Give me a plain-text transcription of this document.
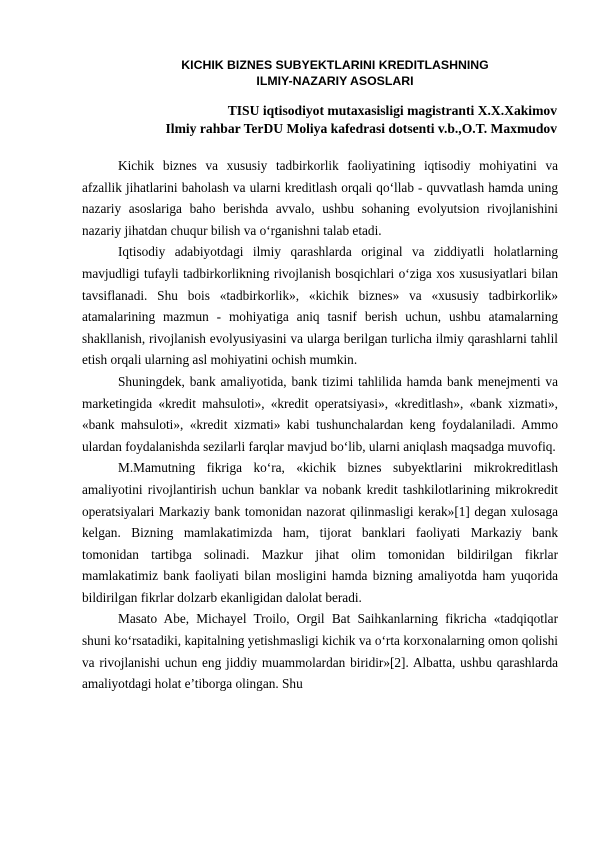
KICHIK BIZNES SUBYEKTLARINI KREDITLASHNING
ILMIY-NAZARIY ASOSLARI
TISU iqtisodiyot mutaxasisligi magistranti X.X.Xakimov
Ilmiy rahbar TerDU Moliya kafedrasi dotsenti v.b.,O.T. Maxmudov

Kichik biznes va xususiy tadbirkorlik faoliyatining iqtisodiy mohiyatini va afzallik jihatlarini baholash va ularni kreditlash orqali qo‘llab - quvvatlash hamda uning nazariy asoslariga baho berishda avvalo, ushbu sohaning evolyutsion rivojlanishini nazariy jihatdan chuqur bilish va o‘rganishni talab etadi.

Iqtisodiy adabiyotdagi ilmiy qarashlarda original va ziddiyatli holatlarning mavjudligi tufayli tadbirkorlikning rivojlanish bosqichlari o‘ziga xos xususiyatlari bilan tavsiflanadi. Shu bois «tadbirkorlik», «kichik biznes» va «xususiy tadbirkorlik» atamalarining mazmun - mohiyatiga aniq tasnif berish uchun, ushbu atamalarning shakllanish, rivojlanish evolyusiyasini va ularga berilgan turlicha ilmiy qarashlarni tahlil etish orqali ularning asl mohiyatini ochish mumkin.

Shuningdek, bank amaliyotida, bank tizimi tahlilida hamda bank menejmenti va marketingida «kredit mahsuloti», «kredit operatsiyasi», «kreditlash», «bank xizmati», «bank mahsuloti», «kredit xizmati» kabi tushunchalardan keng foydalaniladi. Ammo ulardan foydalanishda sezilarli farqlar mavjud bo‘lib, ularni aniqlash maqsadga muvofiq.

M.Mamutning fikriga ko‘ra, «kichik biznes subyektlarini mikrokreditlash amaliyotini rivojlantirish uchun banklar va nobank kredit tashkilotlarining mikrokredit operatsiyalari Markaziy bank tomonidan nazorat qilinmasligi kerak»[1] degan xulosaga kelgan. Bizning mamlakatimizda ham, tijorat banklari faoliyati Markaziy bank tomonidan tartibga solinadi. Mazkur jihat olim tomonidan bildirilgan fikrlar mamlakatimiz bank faoliyati bilan mosligini hamda bizning amaliyotda ham yuqorida bildirilgan fikrlar dolzarb ekanligidan dalolat beradi.

Masato Abe, Michayel Troilo, Orgil Bat Saihkanlarning fikricha «tadqiqotlar shuni ko‘rsatadiki, kapitalning yetishmasligi kichik va o‘rta korxonalarning omon qolishi va rivojlanishi uchun eng jiddiy muammolardan biridir»[2]. Albatta, ushbu qarashlarda amaliyotdagi holat e’tiborga olingan. Shu
